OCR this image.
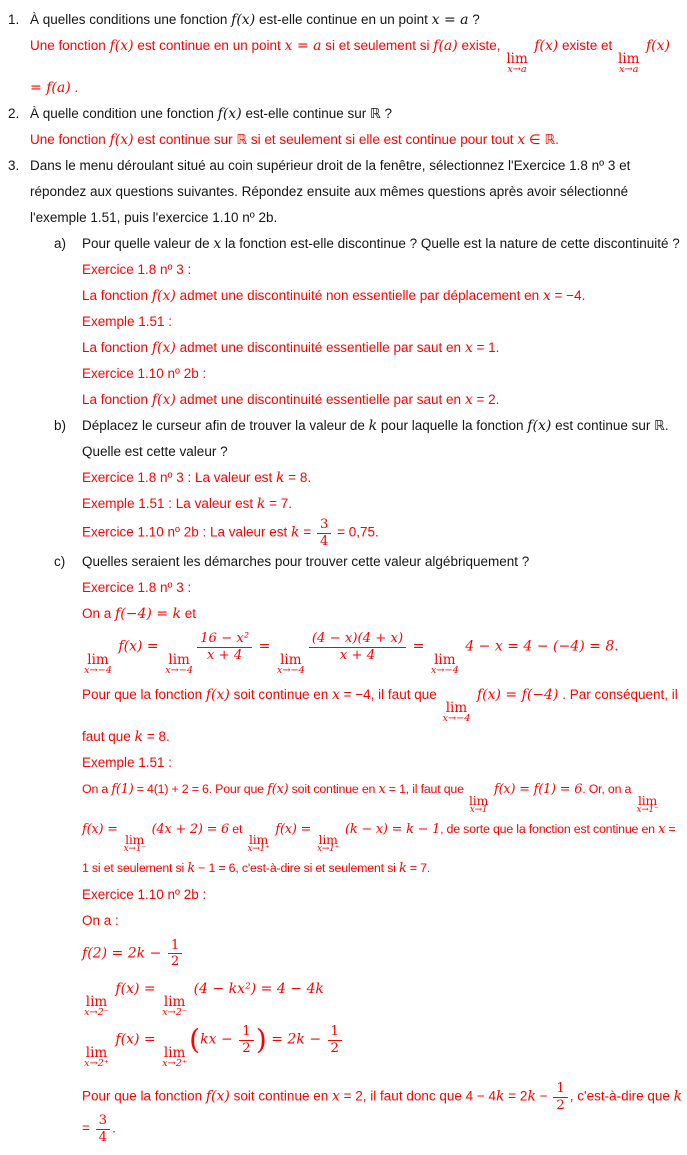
1. À quelles conditions une fonction f(x) est-elle continue en un point x = a ?
Une fonction f(x) est continue en un point x = a si et seulement si f(a) existe,
lim
x→a
f(x) existe et
lim
x→a
f(x) = f(a) .
2. À quelle condition une fonction f(x) est-elle continue sur ℝ ?
Une fonction f(x) est continue sur ℝ si et seulement si elle est continue pour tout x ∈ ℝ.
3. Dans le menu déroulant situé au coin supérieur droit de la fenêtre, sélectionnez l'Exercice 1.8 nº 3 et répondez aux questions suivantes. Répondez ensuite aux mêmes questions après avoir sélectionné l'exemple 1.51, puis l'exercice 1.10 nº 2b.
a) Pour quelle valeur de x la fonction est-elle discontinue ? Quelle est la nature de cette discontinuité ?
Exercice 1.8 nº 3 :
La fonction f(x) admet une discontinuité non essentielle par déplacement en x = −4.
Exemple 1.51 :
La fonction f(x) admet une discontinuité essentielle par saut en x = 1.
Exercice 1.10 nº 2b :
La fonction f(x) admet une discontinuité essentielle par saut en x = 2.
b) Déplacez le curseur afin de trouver la valeur de k pour laquelle la fonction f(x) est continue sur ℝ. Quelle est cette valeur ?
Exercice 1.8 nº 3 : La valeur est k = 8.
Exemple 1.51 : La valeur est k = 7.
Exercice 1.10 nº 2b : La valeur est $k = \frac{3}{4} = 0,75$.
c) Quelles seraient les démarches pour trouver cette valeur algébriquement ?
Exercice 1.8 nº 3 :
On a f(−4) = k et
lim
x→−4
f(x) =
lim
x→−4
$\frac{\text{16 − x²}}{x + 4}$ =
lim
x→−4
$\frac{(4 - x)(4 + x)}{x + 4}$ =
lim
x→−4
4 − x = 4 − (−4) = 8.
Pour que la fonction f(x) soit continue en x = −4, il faut que
lim
x→−4
f(x) = f(−4) . Par conséquent, il faut que k = 8.
Exemple 1.51 :
On a f(1) = 4(1) + 2 = 6. Pour que f(x) soit continue en x = 1, il faut que
lim
x→1
f(x) = f(1) = 6. Or, on a
lim
x→1⁻
f(x) =
lim
x→1⁻
(4x + 2) = 6 et
lim
x→1⁺
f(x) =
lim
x→1⁺
(k − x) = k − 1, de sorte que la fonction est continue en x = 1 si et seulement si k − 1 = 6, c'est-à-dire si et seulement si k = 7.
Exercice 1.10 nº 2b :
On a :
$f(2) = 2k - \frac{1}{2}$
lim
x→2⁻
f(x) =
lim
x→2⁻
(4 − kx²) = 4 − 4k
lim
x→2⁺
f(x) =
lim
x→2⁺
($kx - \frac{1}{2}$ ) = $2k - \frac{1}{2}$
Pour que la fonction f(x) soit continue en x = 2, il faut donc que $4 - 4k = 2k - \frac{1}{2}$ , c'est-à-dire que $k = \frac{3}{4}$ .
